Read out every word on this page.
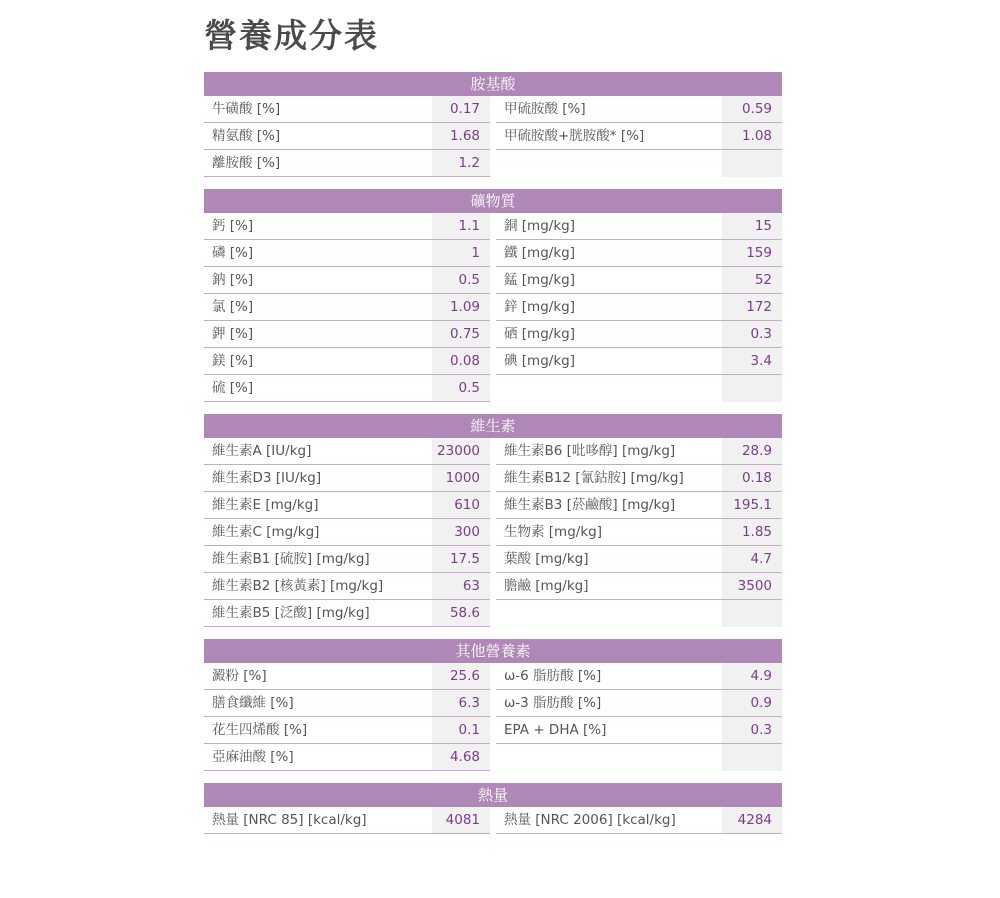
營養成分表
胺基酸
牛磺酸 [%]	0.17	甲硫胺酸 [%]	0.59
精氨酸 [%]	1.68	甲硫胺酸+胱胺酸* [%]	1.08
離胺酸 [%]	1.2
礦物質
鈣 [%]	1.1	銅 [mg/kg]	15
磷 [%]	1	鐵 [mg/kg]	159
鈉 [%]	0.5	錳 [mg/kg]	52
氯 [%]	1.09	鋅 [mg/kg]	172
鉀 [%]	0.75	硒 [mg/kg]	0.3
鎂 [%]	0.08	碘 [mg/kg]	3.4
硫 [%]	0.5
維生素
維生素A [IU/kg]	23000	維生素B6 [吡哆醇] [mg/kg]	28.9
維生素D3 [IU/kg]	1000	維生素B12 [氰鈷胺] [mg/kg]	0.18
維生素E [mg/kg]	610	維生素B3 [菸鹼酸] [mg/kg]	195.1
維生素C [mg/kg]	300	生物素 [mg/kg]	1.85
維生素B1 [硫胺] [mg/kg]	17.5	葉酸 [mg/kg]	4.7
維生素B2 [核黃素] [mg/kg]	63	膽鹼 [mg/kg]	3500
維生素B5 [泛酸] [mg/kg]	58.6
其他營養素
澱粉 [%]	25.6	ω-6 脂肪酸 [%]	4.9
膳食纖維 [%]	6.3	ω-3 脂肪酸 [%]	0.9
花生四烯酸 [%]	0.1	EPA + DHA [%]	0.3
亞麻油酸 [%]	4.68
熱量
熱量 [NRC 85] [kcal/kg]	4081	熱量 [NRC 2006] [kcal/kg]	4284
